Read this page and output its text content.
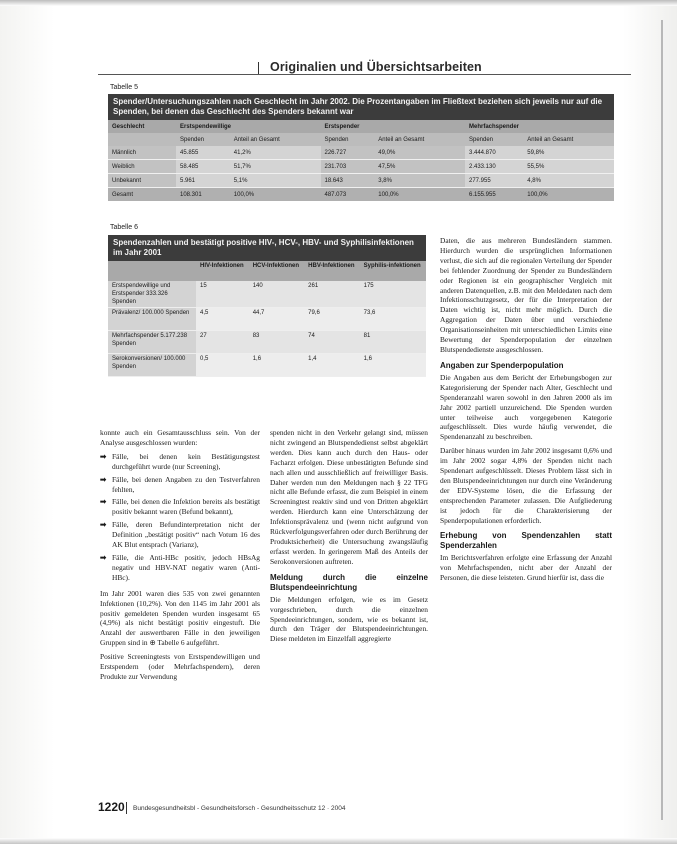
Originalien und Übersichtsarbeiten
Tabelle 5
Spender/Untersuchungszahlen nach Geschlecht im Jahr 2002. Die Prozentangaben im Fließtext beziehen sich jeweils nur auf die Spenden, bei denen das Geschlecht des Spenders bekannt war
Geschlecht	Erstspendewillige		Erstspender		Mehrfachspender	
	Spenden	Anteil an Gesamt	Spenden	Anteil an Gesamt	Spenden	Anteil an Gesamt
Männlich	45.855	41,2%	226.727	49,0%	3.444.870	59,8%
Weiblich	58.485	51,7%	231.703	47,5%	2.433.130	55,5%
Unbekannt	5.961	5,1%	18.643	3,8%	277.955	4,8%
Gesamt	108.301	100,0%	487.073	100,0%	6.155.955	100,0%
Tabelle 6
Spendenzahlen und bestätigt positive HIV-, HCV-, HBV- und Syphilisinfektionen im Jahr 2001
	HIV-Infektionen	HCV-Infektionen	HBV-Infektionen	Syphilis-infektionen
Erstspendewillige und Erstspender 333.326 Spenden	15	140	261	175
Prävalenz/ 100.000 Spenden	4,5	44,7	79,6	73,6
Mehrfachspender 5.177.238 Spenden	27	83	74	81
Serokonversionen/ 100.000 Spenden	0,5	1,6	1,4	1,6

konnte auch ein Gesamtausschluss sein. Von der Analyse ausgeschlossen wurden:

➡ Fälle, bei denen kein Bestätigungstest durchgeführt wurde (nur Screening),
➡ Fälle, bei denen Angaben zu den Testverfahren fehlten,
➡ Fälle, bei denen die Infektion bereits als bestätigt positiv bekannt waren (Befund bekannt),
➡ Fälle, deren Befundinterpretation nicht der Definition „bestätigt positiv“ nach Votum 16 des AK Blut entsprach (Varianz),
➡ Fälle, die Anti-HBc positiv, jedoch HBsAg negativ und HBV-NAT negativ waren (Anti-HBc).

Im Jahr 2001 waren dies 535 von zwei genannten Infektionen (10,2%). Von den 1145 im Jahr 2001 als positiv gemeldeten Spenden wurden insgesamt 65 (4,9%) als nicht bestätigt positiv eingestuft. Die Anzahl der auswertbaren Fälle in den jeweiligen Gruppen sind in ⊕ Tabelle 6 aufgeführt.

Positive Screeningtests von Erstspendewilligen und Erstspendern (oder Mehrfachspendern), deren Produkte zur Verwendung

spenden nicht in den Verkehr gelangt sind, müssen nicht zwingend an Blutspendedienst selbst abgeklärt werden. Dies kann auch durch den Haus- oder Facharzt erfolgen. Diese unbestätigten Befunde sind nach allen und ausschließlich auf freiwilliger Basis. Daher werden nun den Meldungen nach § 22 TFG nicht alle Befunde erfasst, die zum Beispiel in einem Screeningtest reaktiv sind und von Dritten abgeklärt werden. Hierdurch kann eine Unterschätzung der Infektionsprävalenz und (wenn nicht aufgrund von Rückverfolgungsverfahren oder durch Berührung der Produktsicherheit) die Untersuchung zwangsläufig erfasst werden. In geringerem Maß des Anteils der Serokonversionen auftreten.

Meldung durch die einzelne Blutspendeeinrichtung

Die Meldungen erfolgen, wie es im Gesetz vorgeschrieben, durch die einzelnen Spendeeinrichtungen, sondern, wie es bekannt ist, durch den Träger der Blutspendeeinrichtungen. Diese meldeten im Einzelfall aggregierte

Daten, die aus mehreren Bundesländern stammen. Hierdurch wurden die ursprünglichen Informationen verlust, die sich auf die regionalen Verteilung der Spender bei fehlender Zuordnung der Spender zu Bundesländern oder Regionen ist ein geographischer Vergleich mit anderen Datenquellen, z.B. mit den Meldedaten nach dem Infektionsschutzgesetz, der für die Interpretation der Daten wichtig ist, nicht mehr möglich. Durch die Aggregation der Daten über und verschiedene Organisationseinheiten mit unterschiedlichen Limits eine Bewertung der Spenderpopulation der einzelnen Blutspendedienste ausgeschlossen.

Angaben zur Spenderpopulation

Die Angaben aus dem Bericht der Erhebungsbogen zur Kategorisierung der Spender nach Alter, Geschlecht und Spenderanzahl waren sowohl in den Jahren 2000 als im Jahr 2002 partiell unzureichend. Die Spenden wurden unter teilweise auch vorgegebenen Kategorie aufgeschlüsselt. Dies wurde häufig verwendet, die Spendenanzahl zu beschreiben.

Darüber hinaus wurden im Jahr 2002 insgesamt 0,6% und im Jahr 2002 sogar 4,8% der Spenden nicht nach Spendenart aufgeschlüsselt. Dieses Problem lässt sich in den Blutspendeeinrichtungen nur durch eine Veränderung der EDV-Systeme lösen, die die Erfassung der entsprechenden Parameter zulassen. Die Aufgliederung ist jedoch für die Charakterisierung der Spenderpopulationen erforderlich.

Erhebung von Spendenzahlen statt Spenderzahlen

Im Berichtsverfahren erfolgte eine Erfassung der Anzahl von Mehrfachspenden, nicht aber der Anzahl der Personen, die diese leisteten. Grund hierfür ist, dass die

1220 Bundesgesundheitsbl - Gesundheitsforsch - Gesundheitsschutz 12 · 2004
